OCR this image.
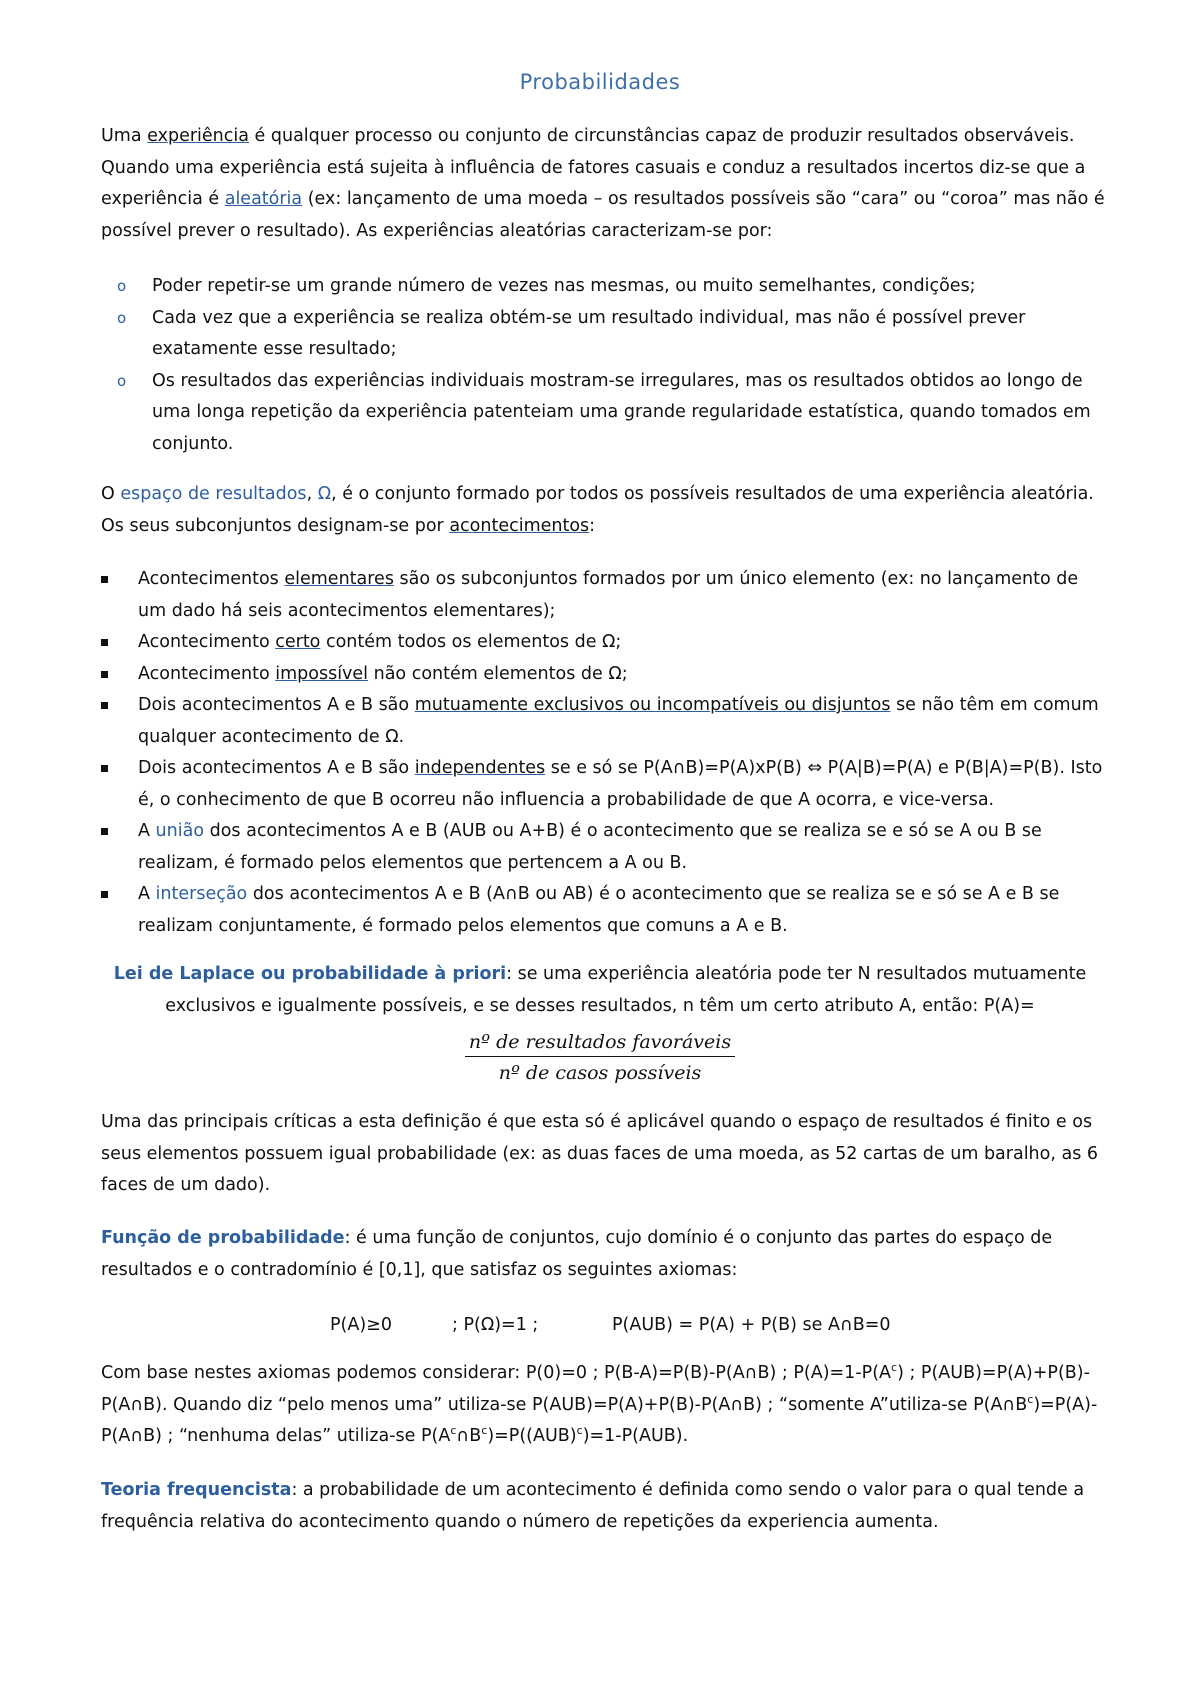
Probabilidades

Uma experiência é qualquer processo ou conjunto de circunstâncias capaz de produzir resultados observáveis. Quando uma experiência está sujeita à influência de fatores casuais e conduz a resultados incertos diz-se que a experiência é aleatória (ex: lançamento de uma moeda – os resultados possíveis são “cara” ou “coroa” mas não é possível prever o resultado). As experiências aleatórias caracterizam-se por:

o Poder repetir-se um grande número de vezes nas mesmas, ou muito semelhantes, condições;
o Cada vez que a experiência se realiza obtém-se um resultado individual, mas não é possível prever exatamente esse resultado;
o Os resultados das experiências individuais mostram-se irregulares, mas os resultados obtidos ao longo de uma longa repetição da experiência patenteiam uma grande regularidade estatística, quando tomados em conjunto.

O espaço de resultados, Ω, é o conjunto formado por todos os possíveis resultados de uma experiência aleatória. Os seus subconjuntos designam-se por acontecimentos:

Acontecimentos elementares são os subconjuntos formados por um único elemento (ex: no lançamento de um dado há seis acontecimentos elementares);
Acontecimento certo contém todos os elementos de Ω;
Acontecimento impossível não contém elementos de Ω;
Dois acontecimentos A e B são mutuamente exclusivos ou incompatíveis ou disjuntos se não têm em comum qualquer acontecimento de Ω.
Dois acontecimentos A e B são independentes se e só se P(A∩B)=P(A)xP(B) ⇔ P(A|B)=P(A) e P(B|A)=P(B). Isto é, o conhecimento de que B ocorreu não influencia a probabilidade de que A ocorra, e vice-versa.
A união dos acontecimentos A e B (AUB ou A+B) é o acontecimento que se realiza se e só se A ou B se realizam, é formado pelos elementos que pertencem a A ou B.
A interseção dos acontecimentos A e B (A∩B ou AB) é o acontecimento que se realiza se e só se A e B se realizam conjuntamente, é formado pelos elementos que comuns a A e B.

Lei de Laplace ou probabilidade à priori: se uma experiência aleatória pode ter N resultados mutuamente exclusivos e igualmente possíveis, e se desses resultados, n têm um certo atributo A, então: P(A)=

nº de resultados favoráveis
nº de casos possíveis

Uma das principais críticas a esta definição é que esta só é aplicável quando o espaço de resultados é finito e os seus elementos possuem igual probabilidade (ex: as duas faces de uma moeda, as 52 cartas de um baralho, as 6 faces de um dado).

Função de probabilidade: é uma função de conjuntos, cujo domínio é o conjunto das partes do espaço de resultados e o contradomínio é [0,1], que satisfaz os seguintes axiomas:

P(A)≥0	; P(Ω)=1 ;	P(AUB) = P(A) + P(B) se A∩B=0

Com base nestes axiomas podemos considerar: P(0)=0 ; P(B-A)=P(B)-P(A∩B) ; $P(A)=1-P(A^c)$ ; P(AUB)=P(A)+P(B)-P(A∩B). Quando diz “pelo menos uma” utiliza-se P(AUB)=P(A)+P(B)-P(A∩B) ; “somente A”utiliza-se $P(A\cap B^c)=P(A)-P(A\cap B)$ ; “nenhuma delas” utiliza-se $P(A^c\cap B^c)=P((AUB)^c)=1-P(AUB)$.

Teoria frequencista: a probabilidade de um acontecimento é definida como sendo o valor para o qual tende a frequência relativa do acontecimento quando o número de repetições da experiencia aumenta.
